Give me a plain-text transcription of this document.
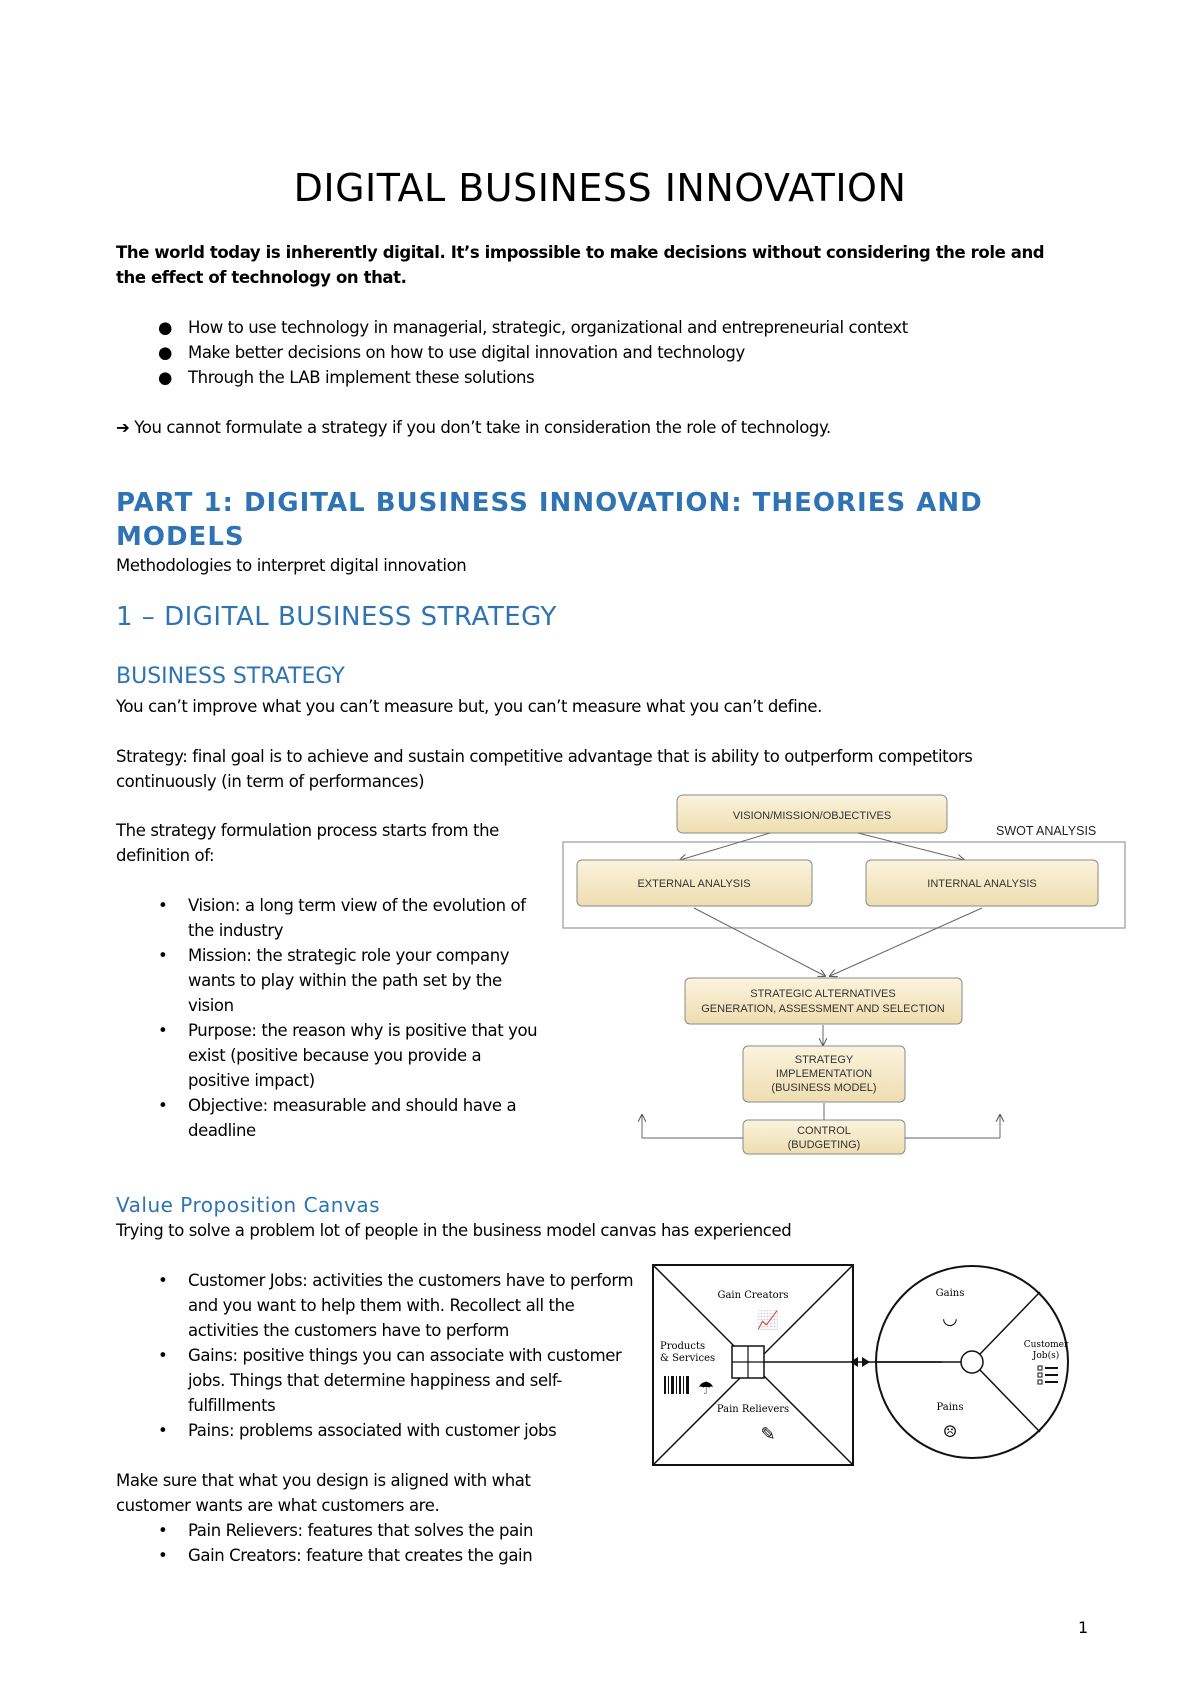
DIGITAL BUSINESS INNOVATION

The world today is inherently digital. It’s impossible to make decisions without considering the role and the effect of technology on that.

● How to use technology in managerial, strategic, organizational and entrepreneurial context
● Make better decisions on how to use digital innovation and technology
● Through the LAB implement these solutions

➔ You cannot formulate a strategy if you don’t take in consideration the role of technology.

PART 1: DIGITAL BUSINESS INNOVATION: THEORIES AND MODELS

Methodologies to interpret digital innovation

1 – DIGITAL BUSINESS STRATEGY
BUSINESS STRATEGY

You can’t improve what you can’t measure but, you can’t measure what you can’t define.

Strategy: final goal is to achieve and sustain competitive advantage that is ability to outperform competitors continuously (in term of performances)

The strategy formulation process starts from the definition of:

• Vision: a long term view of the evolution of the industry
• Mission: the strategic role your company wants to play within the path set by the vision
• Purpose: the reason why is positive that you exist (positive because you provide a positive impact)
• Objective: measurable and should have a deadline
SWOT ANALYSIS
VISION/MISSION/OBJECTIVES
EXTERNAL ANALYSIS	INTERNAL ANALYSIS
STRATEGIC ALTERNATIVES
GENERATION, ASSESSMENT AND SELECTION
STRATEGY
IMPLEMENTATION
(BUSINESS MODEL)
CONTROL
(BUDGETING)
Value Proposition Canvas

Trying to solve a problem lot of people in the business model canvas has experienced

• Customer Jobs: activities the customers have to perform and you want to help them with. Recollect all the activities the customers have to perform
• Gains: positive things you can associate with customer jobs. Things that determine happiness and self-fulfillments
• Pains: problems associated with customer jobs

Make sure that what you design is aligned with what customer wants are what customers are.

• Pain Relievers: features that solves the pain
• Gain Creators: feature that creates the gain
Gain Creators
Products
& Services
Pain Relievers
📈
☂
✎
Gains
◡
Pains
☹
Customer
Job(s)

1
